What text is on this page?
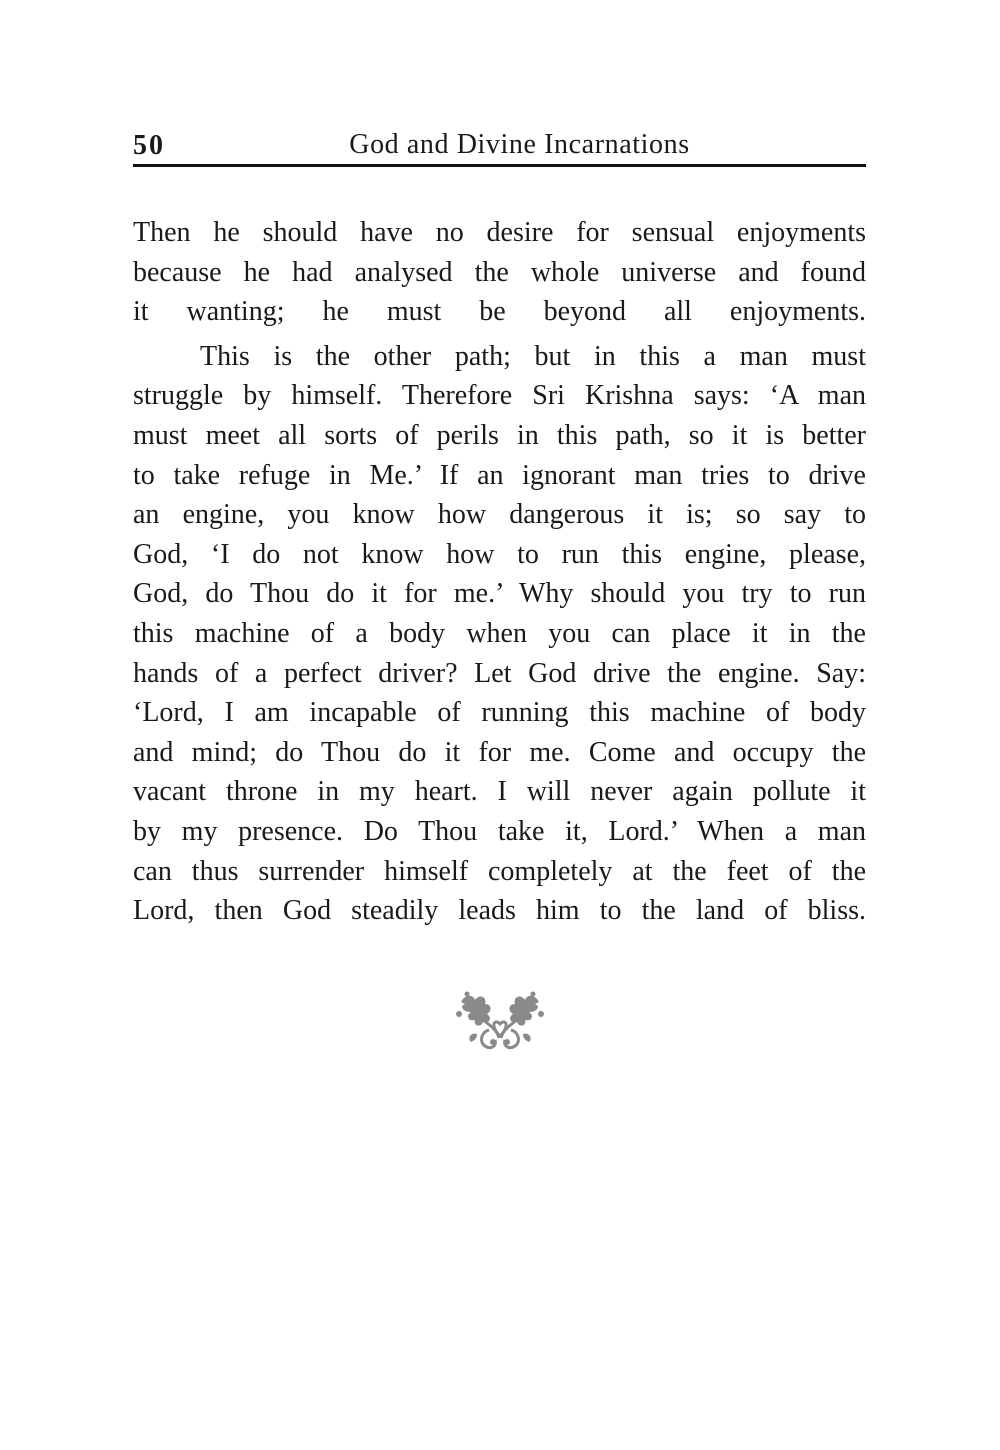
50	God and Divine Incarnations
Then he should have no desire for sensual enjoyments
because he had analysed the whole universe and found
it wanting; he must be beyond all enjoyments.
This is the other path; but in this a man must
struggle by himself. Therefore Sri Krishna says: ‘A man
must meet all sorts of perils in this path, so it is better
to take refuge in Me.’ If an ignorant man tries to drive
an engine, you know how dangerous it is; so say to
God, ‘I do not know how to run this engine, please,
God, do Thou do it for me.’ Why should you try to run
this machine of a body when you can place it in the
hands of a perfect driver? Let God drive the engine. Say:
‘Lord, I am incapable of running this machine of body
and mind; do Thou do it for me. Come and occupy the
vacant throne in my heart. I will never again pollute it
by my presence. Do Thou take it, Lord.’ When a man
can thus surrender himself completely at the feet of the
Lord, then God steadily leads him to the land of bliss.
